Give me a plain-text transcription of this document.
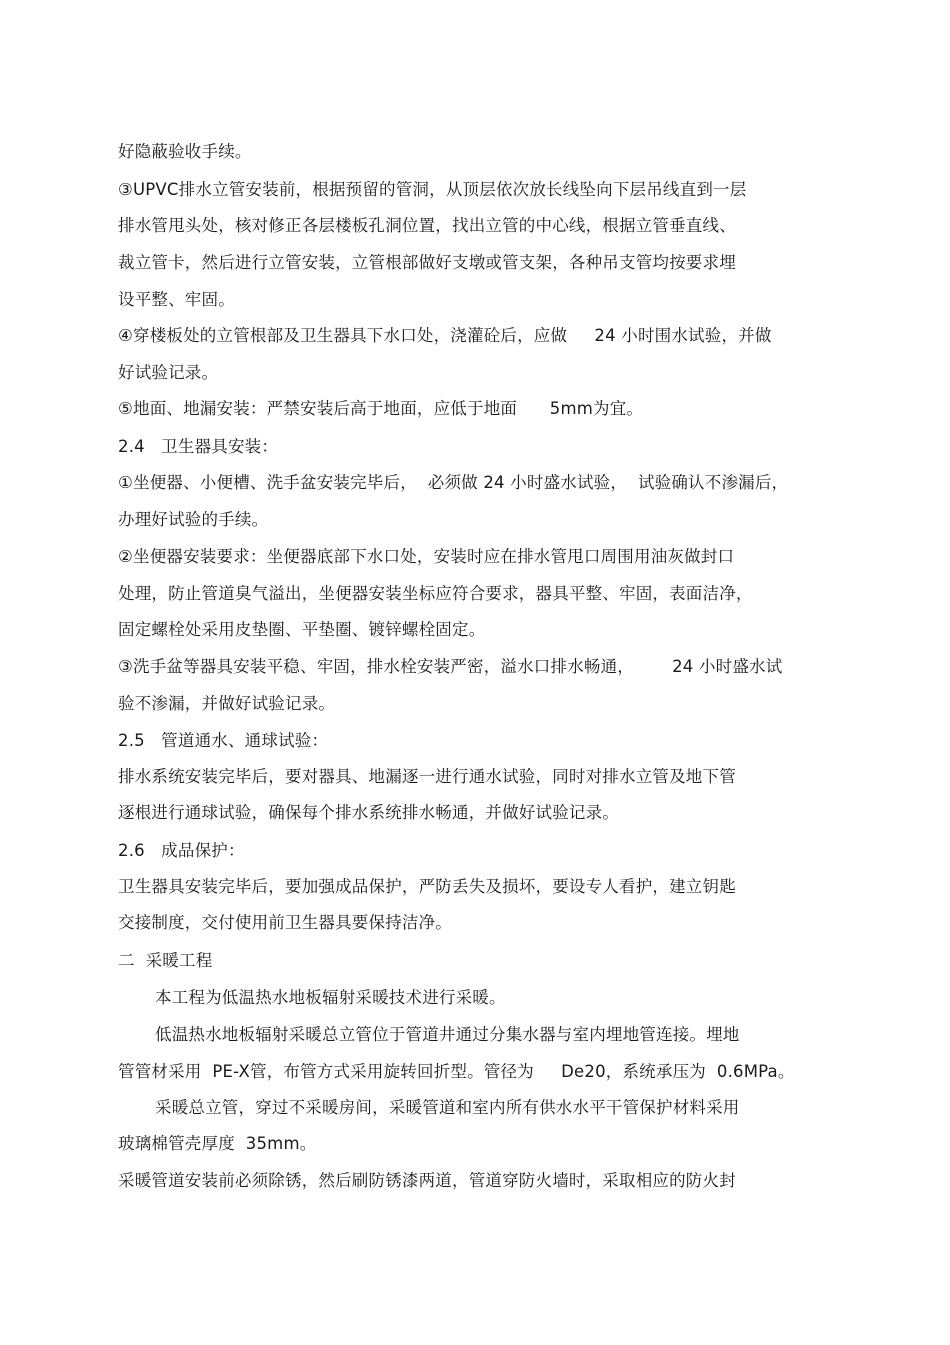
好隐蔽验收手续。
③UPVC排水立管安装前，根据预留的管洞，从顶层依次放长线坠向下层吊线直到一层
排水管甩头处，核对修正各层楼板孔洞位置，找出立管的中心线，根据立管垂直线、
裁立管卡，然后进行立管安装，立管根部做好支墩或管支架，各种吊支管均按要求埋
设平整、牢固。
④穿楼板处的立管根部及卫生器具下水口处，浇灌砼后，应做     24 小时围水试验，并做
好试验记录。
⑤地面、地漏安装：严禁安装后高于地面，应低于地面      5mm为宜。
2.4   卫生器具安装：
①坐便器、小便槽、洗手盆安装完毕后，  必须做 24 小时盛水试验，  试验确认不渗漏后，
办理好试验的手续。
②坐便器安装要求：坐便器底部下水口处，安装时应在排水管甩口周围用油灰做封口
处理，防止管道臭气溢出，坐便器安装坐标应符合要求，器具平整、牢固，表面洁净，
固定螺栓处采用皮垫圈、平垫圈、镀锌螺栓固定。
③洗手盆等器具安装平稳、牢固，排水栓安装严密，溢水口排水畅通，       24 小时盛水试
验不渗漏，并做好试验记录。
2.5   管道通水、通球试验：
排水系统安装完毕后，要对器具、地漏逐一进行通水试验，同时对排水立管及地下管
逐根进行通球试验，确保每个排水系统排水畅通，并做好试验记录。
2.6   成品保护：
卫生器具安装完毕后，要加强成品保护，严防丢失及损坏，要设专人看护，建立钥匙
交接制度，交付使用前卫生器具要保持洁净。
二  采暖工程
本工程为低温热水地板辐射采暖技术进行采暖。
低温热水地板辐射采暖总立管位于管道井通过分集水器与室内埋地管连接。埋地
管管材采用  PE-X管，布管方式采用旋转回折型。管径为     De20，系统承压为  0.6MPa。
采暖总立管，穿过不采暖房间，采暖管道和室内所有供水水平干管保护材料采用
玻璃棉管壳厚度  35mm。
采暖管道安装前必须除锈，然后刷防锈漆两道，管道穿防火墙时，采取相应的防火封
